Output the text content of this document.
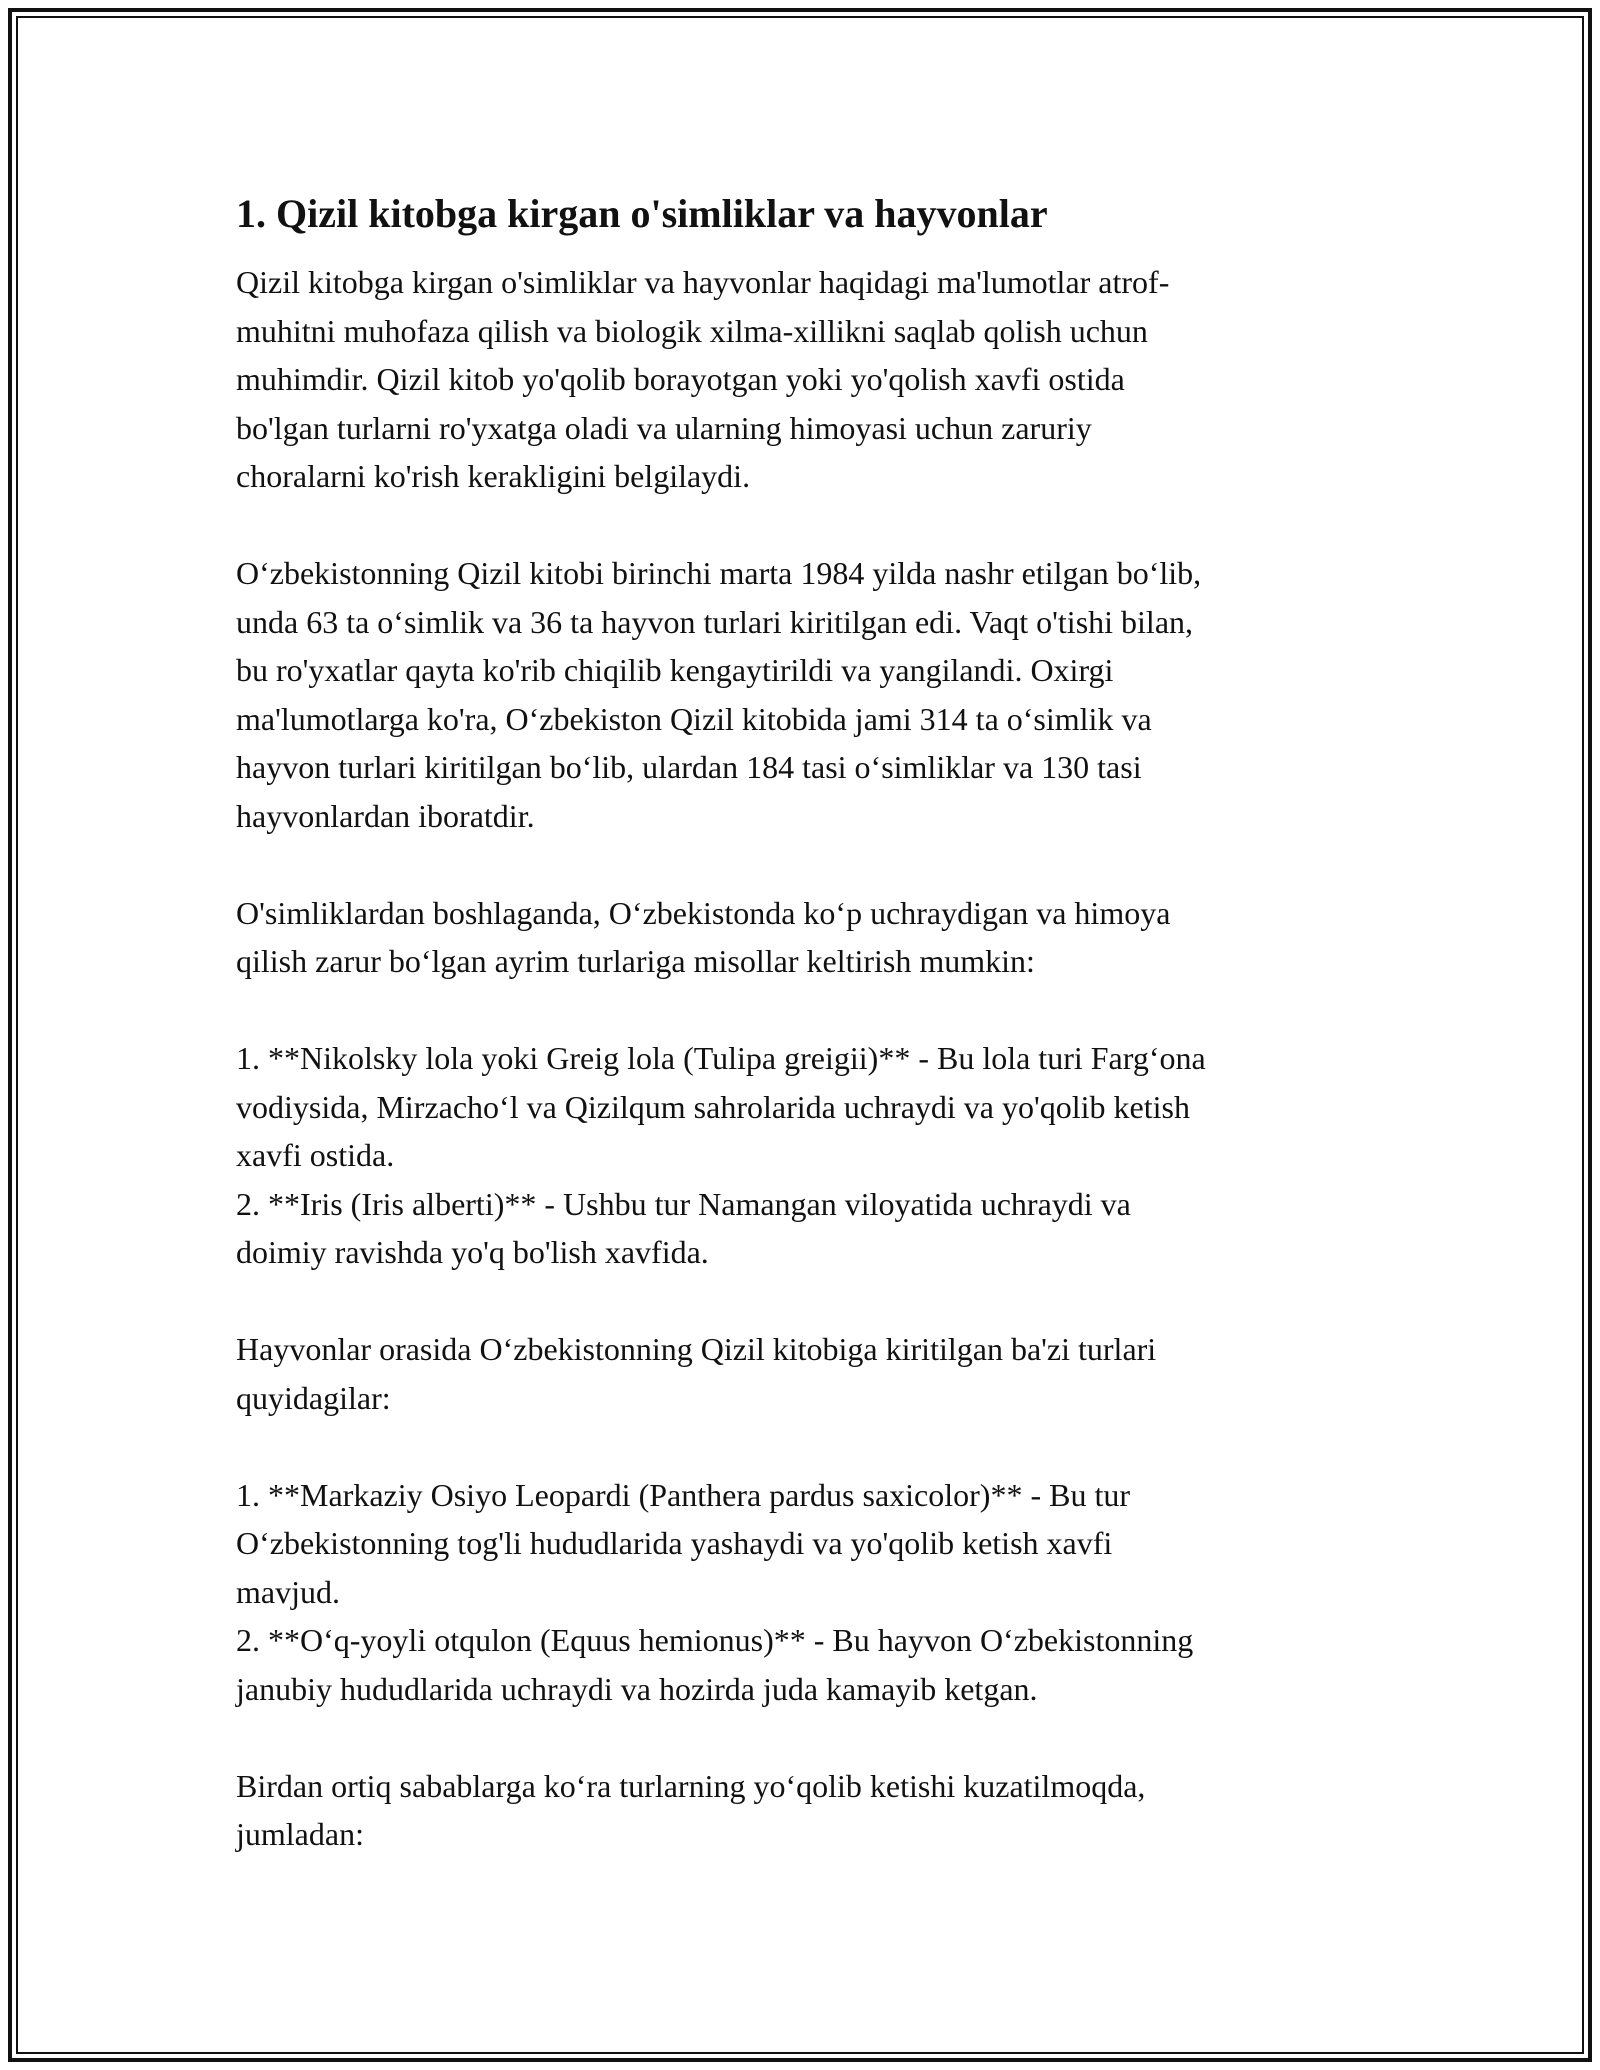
1. Qizil kitobga kirgan o'simliklar va hayvonlar
Qizil kitobga kirgan o'simliklar va hayvonlar haqidagi ma'lumotlar atrof-
muhitni muhofaza qilish va biologik xilma-xillikni saqlab qolish uchun
muhimdir. Qizil kitob yo'qolib borayotgan yoki yo'qolish xavfi ostida
bo'lgan turlarni ro'yxatga oladi va ularning himoyasi uchun zaruriy
choralarni ko'rish kerakligini belgilaydi.
O‘zbekistonning Qizil kitobi birinchi marta 1984 yilda nashr etilgan bo‘lib,
unda 63 ta o‘simlik va 36 ta hayvon turlari kiritilgan edi. Vaqt o'tishi bilan,
bu ro'yxatlar qayta ko'rib chiqilib kengaytirildi va yangilandi. Oxirgi
ma'lumotlarga ko'ra, O‘zbekiston Qizil kitobida jami 314 ta o‘simlik va
hayvon turlari kiritilgan bo‘lib, ulardan 184 tasi o‘simliklar va 130 tasi
hayvonlardan iboratdir.
O'simliklardan boshlaganda, O‘zbekistonda ko‘p uchraydigan va himoya
qilish zarur bo‘lgan ayrim turlariga misollar keltirish mumkin:
1. **Nikolsky lola yoki Greig lola (Tulipa greigii)** - Bu lola turi Farg‘ona
vodiysida, Mirzacho‘l va Qizilqum sahrolarida uchraydi va yo'qolib ketish
xavfi ostida.
2. **Iris (Iris alberti)** - Ushbu tur Namangan viloyatida uchraydi va
doimiy ravishda yo'q bo'lish xavfida.
Hayvonlar orasida O‘zbekistonning Qizil kitobiga kiritilgan ba'zi turlari
quyidagilar:
1. **Markaziy Osiyo Leopardi (Panthera pardus saxicolor)** - Bu tur
O‘zbekistonning tog'li hududlarida yashaydi va yo'qolib ketish xavfi
mavjud.
2. **O‘q-yoyli otqulon (Equus hemionus)** - Bu hayvon O‘zbekistonning
janubiy hududlarida uchraydi va hozirda juda kamayib ketgan.
Birdan ortiq sabablarga ko‘ra turlarning yo‘qolib ketishi kuzatilmoqda,
jumladan:
